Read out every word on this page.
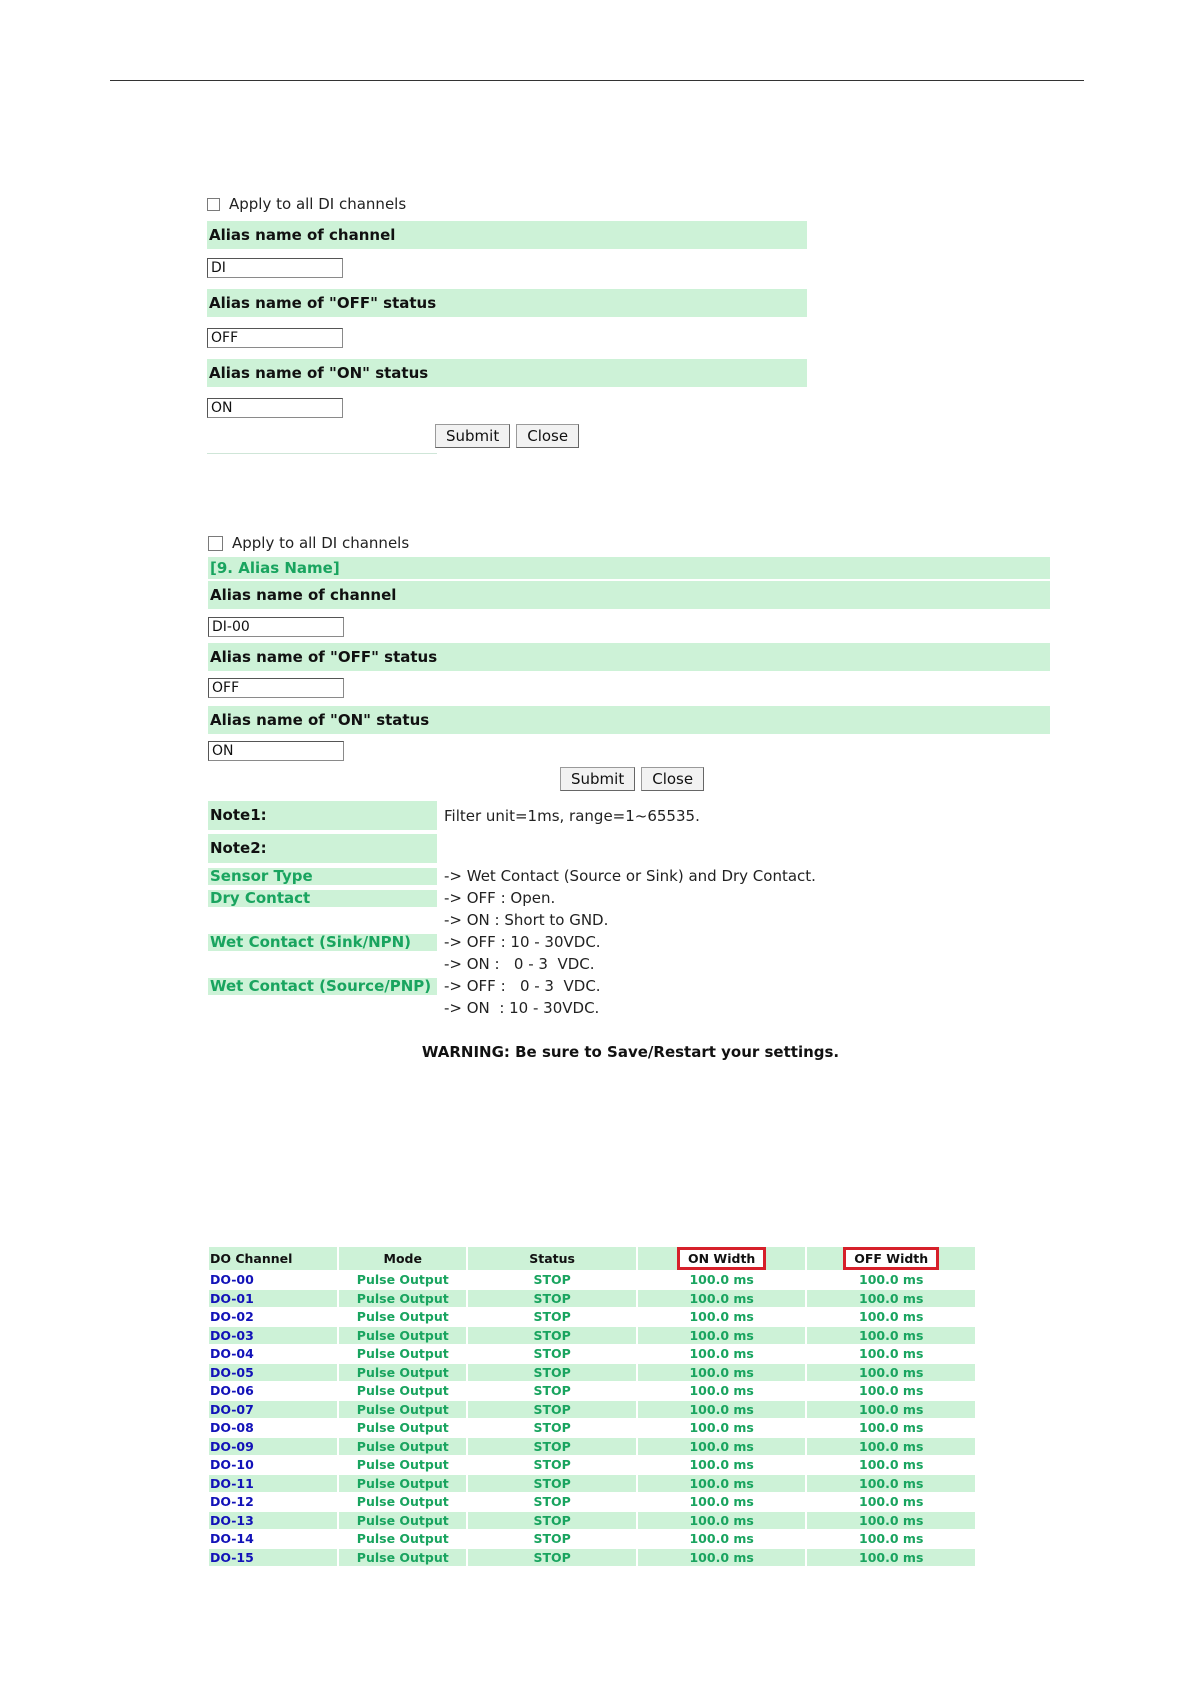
Apply to all DI channels
Alias name of channel
DI
Alias name of "OFF" status
OFF
Alias name of "ON" status
ON
Submit	Close
Apply to all DI channels
[9. Alias Name]
Alias name of channel
DI-00
Alias name of "OFF" status
OFF
Alias name of "ON" status
ON
Submit	Close
Note1:	Filter unit=1ms, range=1~65535.
Note2:
Sensor Type	-> Wet Contact (Source or Sink) and Dry Contact.
Dry Contact	-> OFF : Open.
-> ON : Short to GND.
Wet Contact (Sink/NPN)	-> OFF : 10 - 30VDC.
-> ON :   0 - 3  VDC.
Wet Contact (Source/PNP) -> OFF :   0 - 3  VDC.
-> ON  : 10 - 30VDC.
WARNING: Be sure to Save/Restart your settings.
DO Channel	Mode	Status	ON Width	OFF Width
DO-00	Pulse Output	STOP	100.0 ms	100.0 ms
DO-01	Pulse Output	STOP	100.0 ms	100.0 ms
DO-02	Pulse Output	STOP	100.0 ms	100.0 ms
DO-03	Pulse Output	STOP	100.0 ms	100.0 ms
DO-04	Pulse Output	STOP	100.0 ms	100.0 ms
DO-05	Pulse Output	STOP	100.0 ms	100.0 ms
DO-06	Pulse Output	STOP	100.0 ms	100.0 ms
DO-07	Pulse Output	STOP	100.0 ms	100.0 ms
DO-08	Pulse Output	STOP	100.0 ms	100.0 ms
DO-09	Pulse Output	STOP	100.0 ms	100.0 ms
DO-10	Pulse Output	STOP	100.0 ms	100.0 ms
DO-11	Pulse Output	STOP	100.0 ms	100.0 ms
DO-12	Pulse Output	STOP	100.0 ms	100.0 ms
DO-13	Pulse Output	STOP	100.0 ms	100.0 ms
DO-14	Pulse Output	STOP	100.0 ms	100.0 ms
DO-15	Pulse Output	STOP	100.0 ms	100.0 ms
